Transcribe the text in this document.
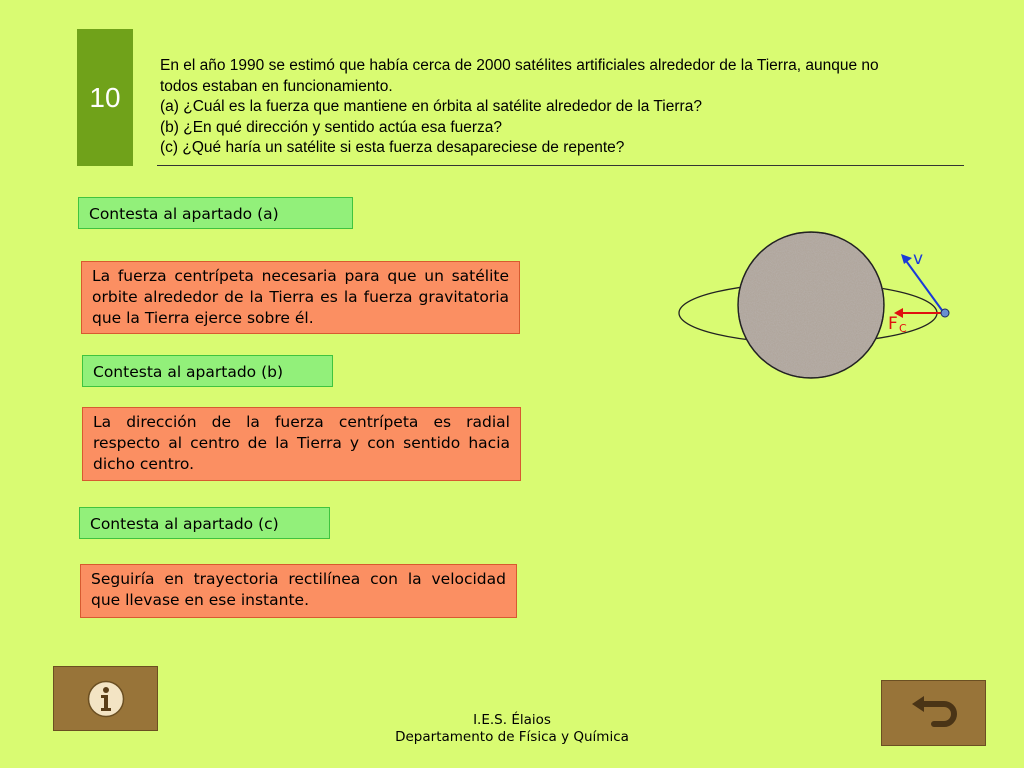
10
En el año 1990 se estimó que había cerca de 2000 satélites artificiales alrededor de la Tierra, aunque no
todos estaban en funcionamiento.
(a) ¿Cuál es la fuerza que mantiene en órbita al satélite alrededor de la Tierra?
(b) ¿En qué dirección y sentido actúa esa fuerza?
(c) ¿Qué haría un satélite si esta fuerza desapareciese de repente?
Contesta al apartado (a)
La fuerza centrípeta necesaria para que un satélite orbite alrededor de la Tierra es la fuerza gravitatoria que la Tierra ejerce sobre él.
Contesta al apartado (b)
La dirección de la fuerza centrípeta es radial respecto al centro de la Tierra y con sentido hacia dicho centro.
Contesta al apartado (c)
Seguiría en trayectoria rectilínea con la velocidad que llevase en ese instante.
v
F C
I.E.S. Élaios
Departamento de Física y Química
